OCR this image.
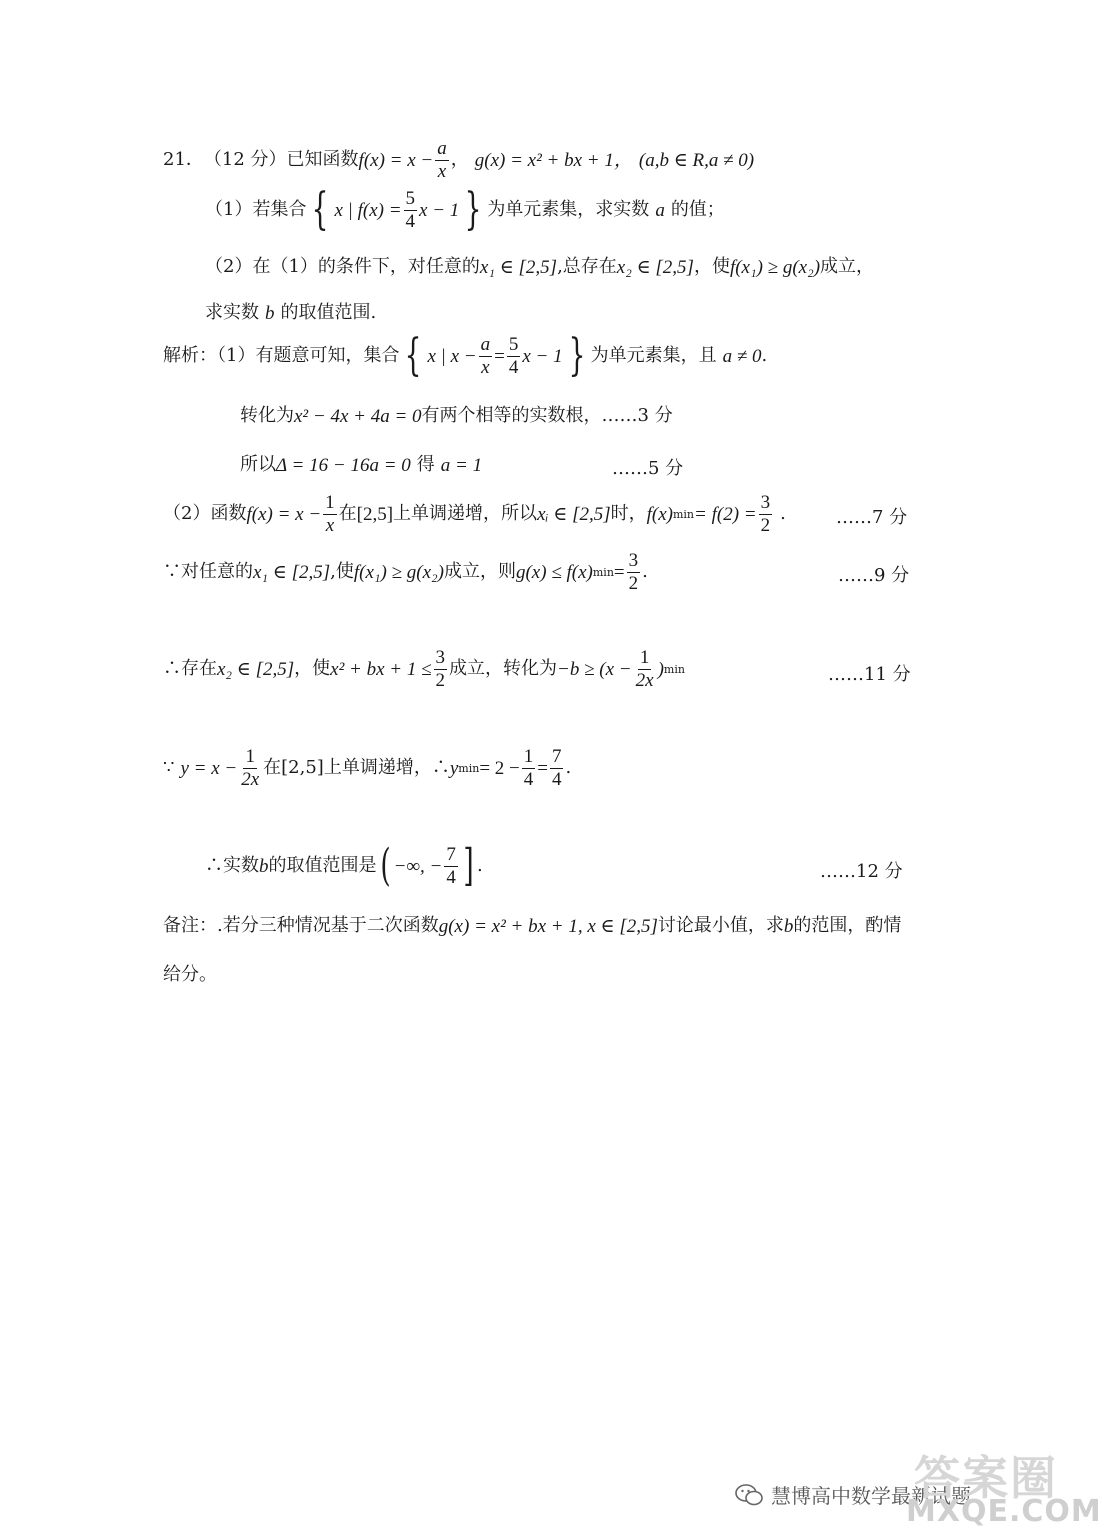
21． （12 分） 已知函数 $f(x) = x - \frac{a}{x}$ ， g(x) = x² + bx + 1， (a,b ∈ R,a ≠ 0)
（1）若集合 { x | $f(x) = \frac{5}{4}$ x − 1 } 为单元素集，求实数 a 的值；
（2）在（1）的条件下，对任意的 x₁ ∈ [2,5] ,总存在 x₂ ∈ [2,5] ，使 f(x₁) ≥ g(x₂) 成立，
求实数 b 的取值范围.
解析：（1）有题意可知，集合 { x | $x - \frac{a}{x} = \frac{5}{4}$ x − 1 } 为单元素集，且 a ≠ 0 .
转化为 x² − 4x + 4a = 0 有两个相等的实数根，……3 分
所以 Δ = 16 − 16a = 0 得 a = 1	……5 分
（2）函数 $f(x) = x - \frac{1}{x}$ 在 [2,5] 上单调递增，所以 xᵢ ∈ [2,5] 时， f(x) $\min = f(2) = \frac{3}{2}$ .	……7 分
∵对任意的 x₁ ∈ [2,5] ,使 f(x₁) ≥ g(x₂) 成立，则 g(x) ≤ f(x) $\min = \frac{3}{2}$ .	……9 分
∴存在 x₂ ∈ [2,5] ，使 x² + bx + $1 \le \frac{3}{2}$ 成立，转化为 $-b \ge (x - \frac{1}{2x}$ ) min	……11 分
∵ $y = x - \frac{1}{2x}$ 在[2,5]上单调递增，∴ y $\min = 2 - \frac{1}{4} = \frac{7}{4}$ .
∴实数 b 的取值范围是 ( −∞, − $\frac{7}{4}$ ] .	……12 分
备注：.若分三种情况基于二次函数 g(x) = x² + bx + 1, x ∈ [2,5] 讨论最小值，求 b 的范围，酌情
给分。
慧博高中数学最新试题
答案圈
MXQE.COM
